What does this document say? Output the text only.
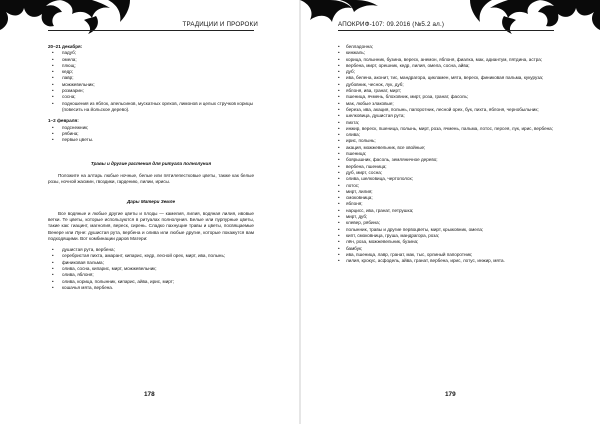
ТРАДИЦИИ И ПРОРОКИ

20–21 декабря:

• падуб;
• омела;
• плющ;
• кедр;
• лавр;
• можжевельник;
• розмарин;
• сосна;
• подношения из яблок, апельсинов, мускатных орехов, лимонов и целых стручков корицы (повесить на йольское дерево).

1–2 февраля:

• подснежник;
• рябина;
• первые цветы.

Травы и другие растения для ритуала полнолуния

Положите на алтарь любые ночные, белые или пятилепестковые цветы, также как белые розы, ночной жасмин, гвоздики, гардению, лилии, ирисы.

Дары Матери Земле

Все водяные и любые другие цветы и плоды — камелия, лилия, водяная лилия, ивовые ветки. Те цветы, которые используются в ритуалах полнолуния. Белые или пурпурные цветы, такие как: гиацинт, магнолия, вереск, сирень. Сладко пахнущие травы и цветы, посвящаемые Венере или Луне: душистая рута, вербена и олива или любые другие, которые покажутся вам подходящими. Вот комбинации даров Матери:

• душистая рута, вербена;
• серебристая пихта, амарант, кипарис, кедр, лесной орех, мирт, ива, полынь;
• финиковая пальма;
• олива, сосна, кипарис, мирт, можжевельник;
• олива, яблоня;
• олива, корица, полынник, кипарис, айва, ирис, мирт;
• кошачья мята, вербена.
178
АПОКРИФ-107: 09.2016 (№5.2 ал.)
• белладонна;
• кинжаль;
• корица, полынник, бузина, вереск, анемон, яблоня, фиалка, мак, адиантум, пятдина, астра;
• вербена, мирт, орешник, кедр, лилия, омела, сосна, айва;
• дуб;
• ива, белена, аконит, тис, мандрагора, цикламен, мята, вереск, финиковая пальма, кукуруза;
• дубовник, чеснок, лук, дуб;
• яблоня, ива, гранат, мирт;
• пшеница, ячмень, блоховник, мирт, роза, гранат, фасоль;
• мак, любые злаковые;
• береза, ива, акация, полынь, папоротник, лесной орех, бук, пихта, яблоня, чернобыльник;
• шелковица, душистая рута;
• пихта;
• инжир, вереск, пшеница, полынь, мирт, роза, ячмень, пальма, лотос, персея, лук, ирис, вербена;
• олива;
• ирис, полынь;
• акация, можжевельник, все хвойные;
• пшеница;
• боярышник, фасоль, земляничное дерево;
• вербена, пшеница;
• дуб, мирт, сосна;
• олива, шелковица, чертополох;
• лотос;
• мирт, лилия;
• смоковница;
• яблоня;
• нарцисс, ива, гранат, петрушка;
• мирт, дуб;
• клевер, рябина;
• полынник, травы и другие первоцветы, мирт, крыжовник, омела;
• кипт, смоковница, груша, мандрагора, роза;
• лён, роза, можжевельник, бузина;
• бамбук;
• ива, пшеница, лавр, гранат, мак, тыс, орлиный папоротник;
• лилия, крокус, асфодель, айва, гранат, вербена, ирис, лотус, инжир, мята.
179
